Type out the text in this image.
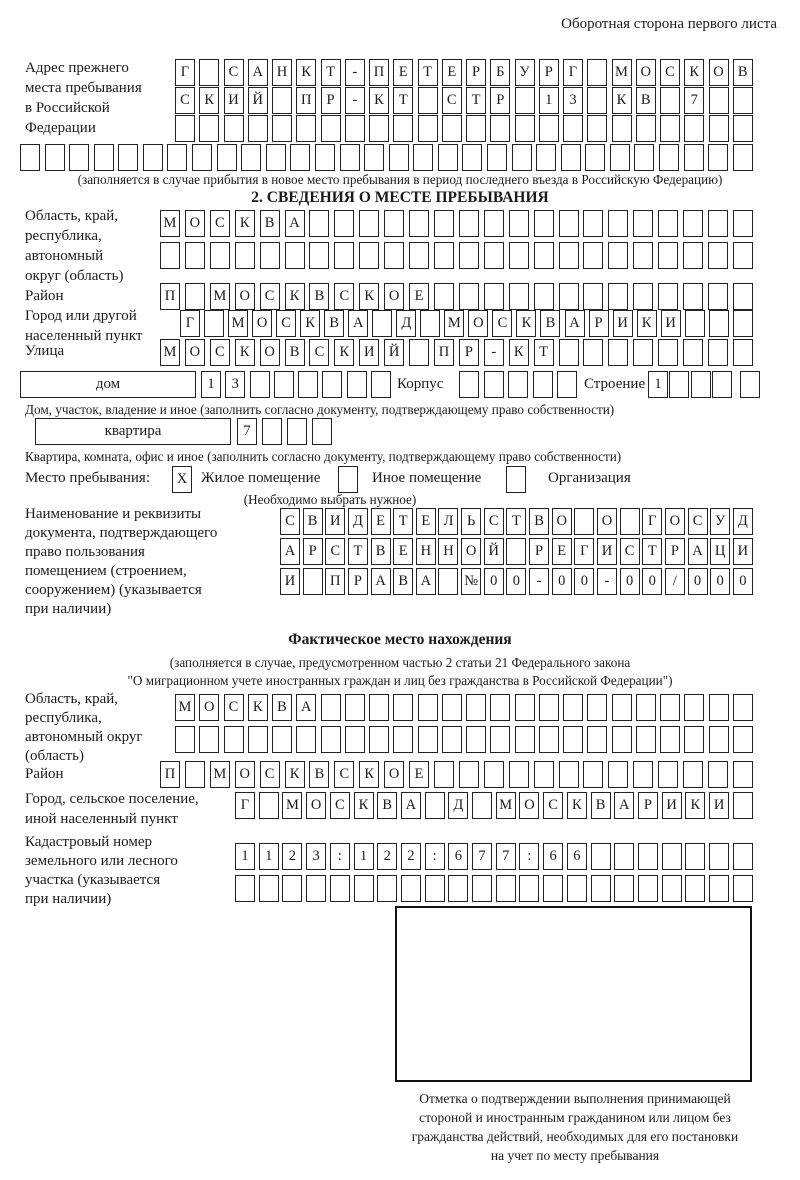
Оборотная сторона первого листа
Адрес прежнего
места пребывания
в Российской
Федерации
Г	С А Н К	Т	-	П	Е	Т	Е	Р	Б	У	Р	Г	М О С	К О В
С	К И Й	П	Р	-	К	Т	С	Т	Р	1	3	К	В	7
(заполняется в случае прибытия в новое место пребывания в период последнего въезда в Российскую Федерацию)
2. СВЕДЕНИЯ О МЕСТЕ ПРЕБЫВАНИЯ
Область, край,
республика,
автономный
округ (область)
М О	С	К	В	А
Район	П	М О	С	К	В	С	К	О	Е
Город или другой
населенный пункт
Г	М О С К В А	Д	М О С К В А	Р	И К И
Улица	М О	С	К	О	В	С	К	И Й	П	Р	-	К	Т
дом	1	3	Корпус	Строение 1
Дом, участок, владение и иное (заполнить согласно документу, подтверждающему право собственности)
квартира	7
Квартира, комната, офис и иное (заполнить согласно документу, подтверждающему право собственности)
Место пребывания:	X Жилое помещение	Иное помещение	Организация
(Необходимо выбрать нужное)
Наименование и реквизиты
документа, подтверждающего
право пользования
помещением (строением,
сооружением) (указывается
при наличии)
С В И Д Е Т Е Л Ь С Т В О	О	Г О С У Д
А Р С Т В Е Н Н О Й	Р Е Г И С Т Р А Ц И
И	П Р А В А	№ 0	0	-	0	0	-	0	0	/	0	0	0
Фактическое место нахождения
(заполняется в случае, предусмотренном частью 2 статьи 21 Федерального закона
"О миграционном учете иностранных граждан и лиц без гражданства в Российской Федерации")
Область, край,
республика,
автономный округ
(область)
М О С	К	В А
Район	П	М О	С	К	В	С	К	О	Е
Город, сельское поселение,
иной населенный пункт
Г	М О С К В А	Д	М О С К В А Р И К И
Кадастровый номер
земельного или лесного
участка (указывается
при наличии)
1	1	2	3	:	1	2	2	:	6	7	7	:	6	6
Отметка о подтверждении выполнения принимающей
стороной и иностранным гражданином или лицом без
гражданства действий, необходимых для его постановки
на учет по месту пребывания
